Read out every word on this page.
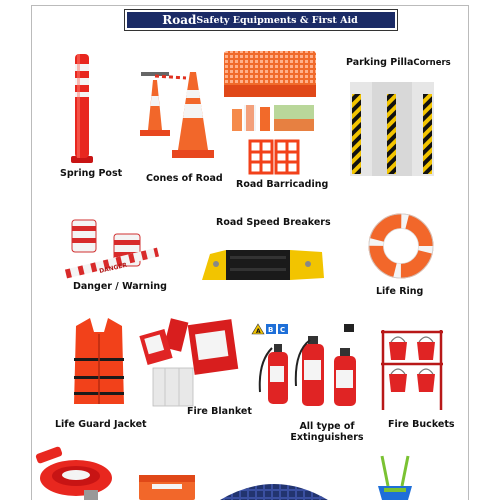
Road Safety Equipments & First Aid
Spring Post	Cones of Road
Road Barricading
Parking PillaCorners
DANGER
Danger / Warning
Road Speed Breakers
Life Ring
Life Guard Jacket
Fire Blanket
A B C
All type of
Extinguishers
Fire Buckets
